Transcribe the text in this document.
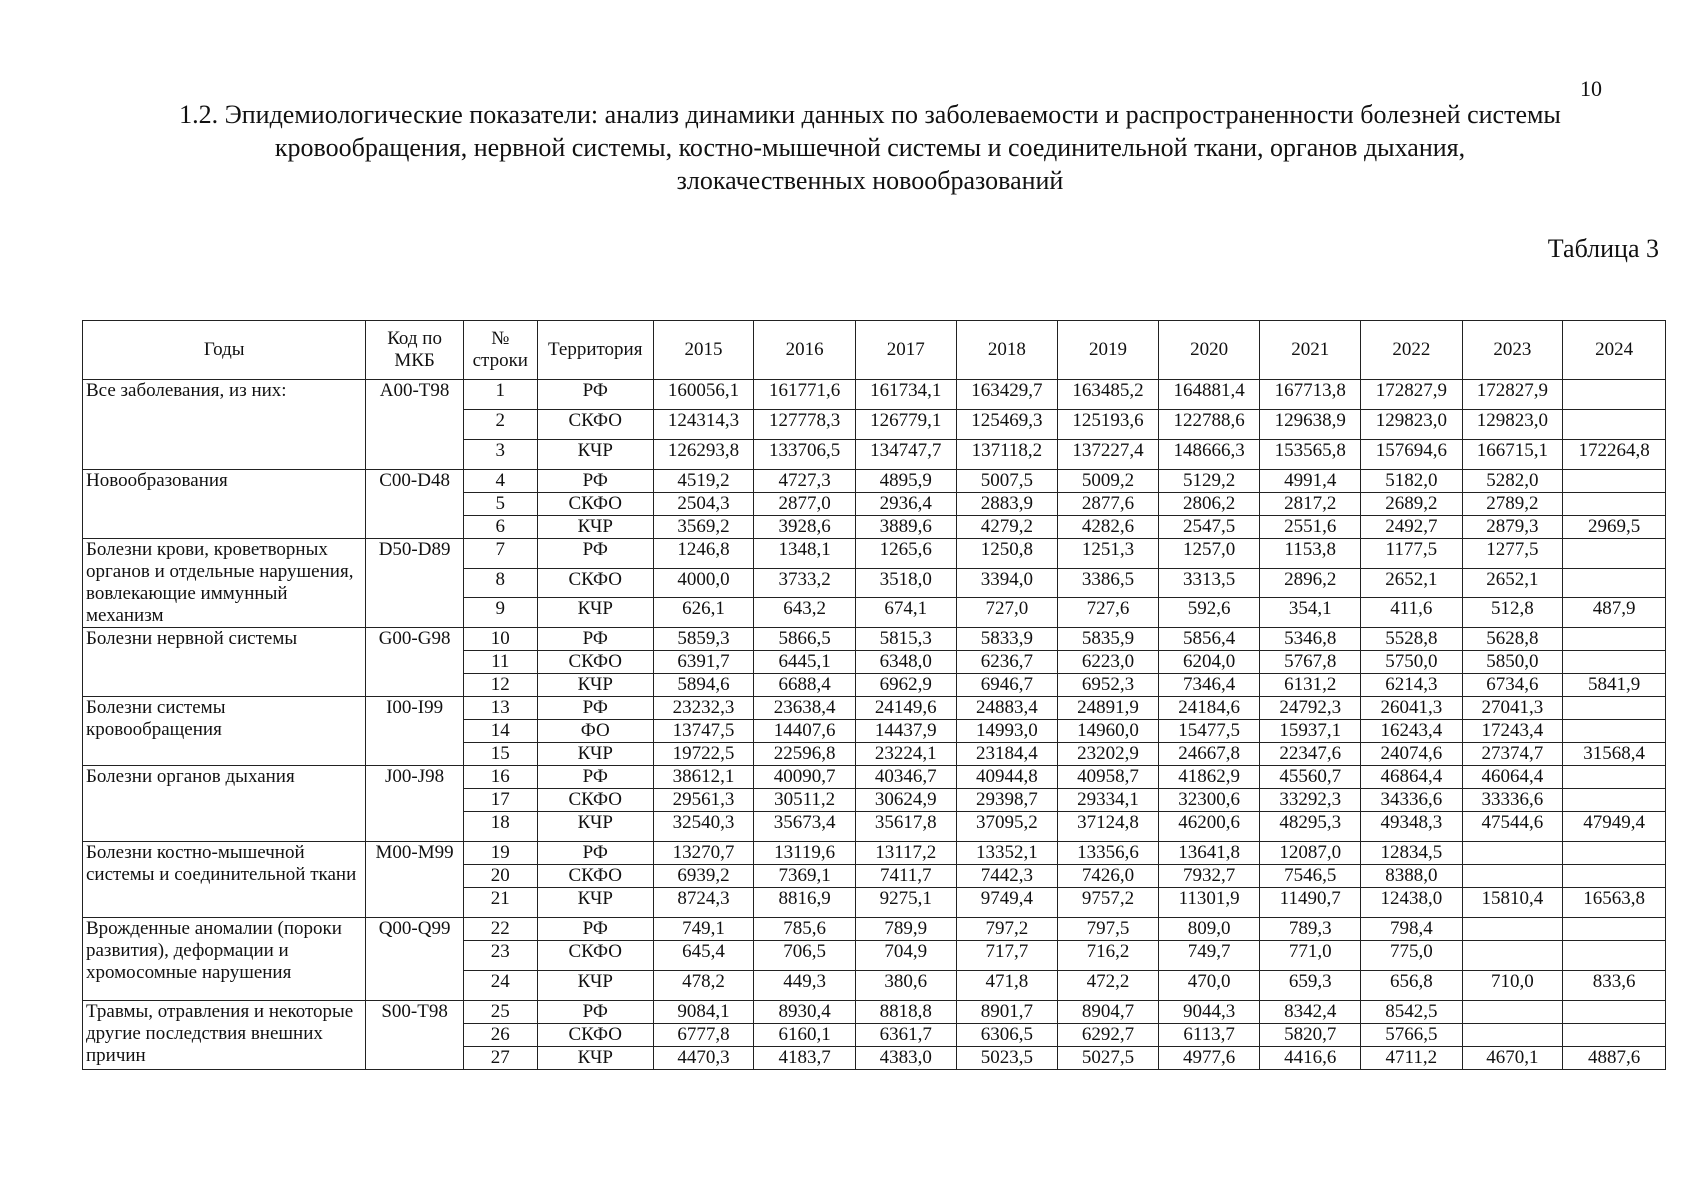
10
1.2. Эпидемиологические показатели: анализ динамики данных по заболеваемости и распространенности болезней системы
кровообращения, нервной системы, костно-мышечной системы и соединительной ткани, органов дыхания,
злокачественных новообразований
Таблица 3
Годы	Код по МКБ	№ строки	Территория	2015	2016	2017	2018	2019	2020	2021	2022	2023	2024
Все заболевания, из них:	A00-T98	1	РФ	160056,1	161771,6	161734,1	163429,7	163485,2	164881,4	167713,8	172827,9	172827,9	
		2	СКФО	124314,3	127778,3	126779,1	125469,3	125193,6	122788,6	129638,9	129823,0	129823,0	
		3	КЧР	126293,8	133706,5	134747,7	137118,2	137227,4	148666,3	153565,8	157694,6	166715,1	172264,8
Новообразования	C00-D48	4	РФ	4519,2	4727,3	4895,9	5007,5	5009,2	5129,2	4991,4	5182,0	5282,0	
		5	СКФО	2504,3	2877,0	2936,4	2883,9	2877,6	2806,2	2817,2	2689,2	2789,2	
		6	КЧР	3569,2	3928,6	3889,6	4279,2	4282,6	2547,5	2551,6	2492,7	2879,3	2969,5
Болезни крови, кроветворных органов и отдельные нарушения, вовлекающие иммунный механизм	D50-D89	7	РФ	1246,8	1348,1	1265,6	1250,8	1251,3	1257,0	1153,8	1177,5	1277,5	
		8	СКФО	4000,0	3733,2	3518,0	3394,0	3386,5	3313,5	2896,2	2652,1	2652,1	
		9	КЧР	626,1	643,2	674,1	727,0	727,6	592,6	354,1	411,6	512,8	487,9
Болезни нервной системы	G00-G98	10	РФ	5859,3	5866,5	5815,3	5833,9	5835,9	5856,4	5346,8	5528,8	5628,8	
		11	СКФО	6391,7	6445,1	6348,0	6236,7	6223,0	6204,0	5767,8	5750,0	5850,0	
		12	КЧР	5894,6	6688,4	6962,9	6946,7	6952,3	7346,4	6131,2	6214,3	6734,6	5841,9
Болезни системы кровообращения	I00-I99	13	РФ	23232,3	23638,4	24149,6	24883,4	24891,9	24184,6	24792,3	26041,3	27041,3	
		14	ФО	13747,5	14407,6	14437,9	14993,0	14960,0	15477,5	15937,1	16243,4	17243,4	
		15	КЧР	19722,5	22596,8	23224,1	23184,4	23202,9	24667,8	22347,6	24074,6	27374,7	31568,4
Болезни органов дыхания	J00-J98	16	РФ	38612,1	40090,7	40346,7	40944,8	40958,7	41862,9	45560,7	46864,4	46064,4	
		17	СКФО	29561,3	30511,2	30624,9	29398,7	29334,1	32300,6	33292,3	34336,6	33336,6	
		18	КЧР	32540,3	35673,4	35617,8	37095,2	37124,8	46200,6	48295,3	49348,3	47544,6	47949,4
Болезни костно-мышечной системы и соединительной ткани	M00-M99	19	РФ	13270,7	13119,6	13117,2	13352,1	13356,6	13641,8	12087,0	12834,5		
		20	СКФО	6939,2	7369,1	7411,7	7442,3	7426,0	7932,7	7546,5	8388,0		
		21	КЧР	8724,3	8816,9	9275,1	9749,4	9757,2	11301,9	11490,7	12438,0	15810,4	16563,8
Врожденные аномалии (пороки развития), деформации и хромосомные нарушения	Q00-Q99	22	РФ	749,1	785,6	789,9	797,2	797,5	809,0	789,3	798,4		
		23	СКФО	645,4	706,5	704,9	717,7	716,2	749,7	771,0	775,0		
		24	КЧР	478,2	449,3	380,6	471,8	472,2	470,0	659,3	656,8	710,0	833,6
Травмы, отравления и некоторые другие последствия внешних причин	S00-T98	25	РФ	9084,1	8930,4	8818,8	8901,7	8904,7	9044,3	8342,4	8542,5		
		26	СКФО	6777,8	6160,1	6361,7	6306,5	6292,7	6113,7	5820,7	5766,5		
		27	КЧР	4470,3	4183,7	4383,0	5023,5	5027,5	4977,6	4416,6	4711,2	4670,1	4887,6
